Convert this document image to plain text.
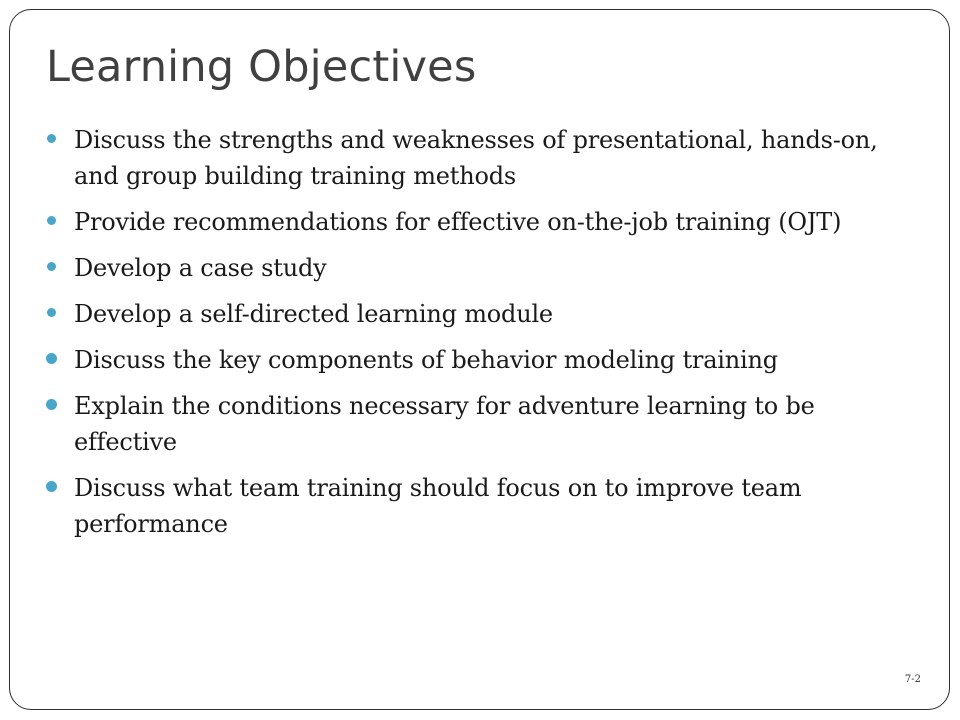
Learning Objectives
Discuss the strengths and weaknesses of presentational, hands-on, and group building training methods
Provide recommendations for effective on-the-job training (OJT)
Develop a case study
Develop a self-directed learning module
Discuss the key components of behavior modeling training
Explain the conditions necessary for adventure learning to be effective
Discuss what team training should focus on to improve team performance
7-2
